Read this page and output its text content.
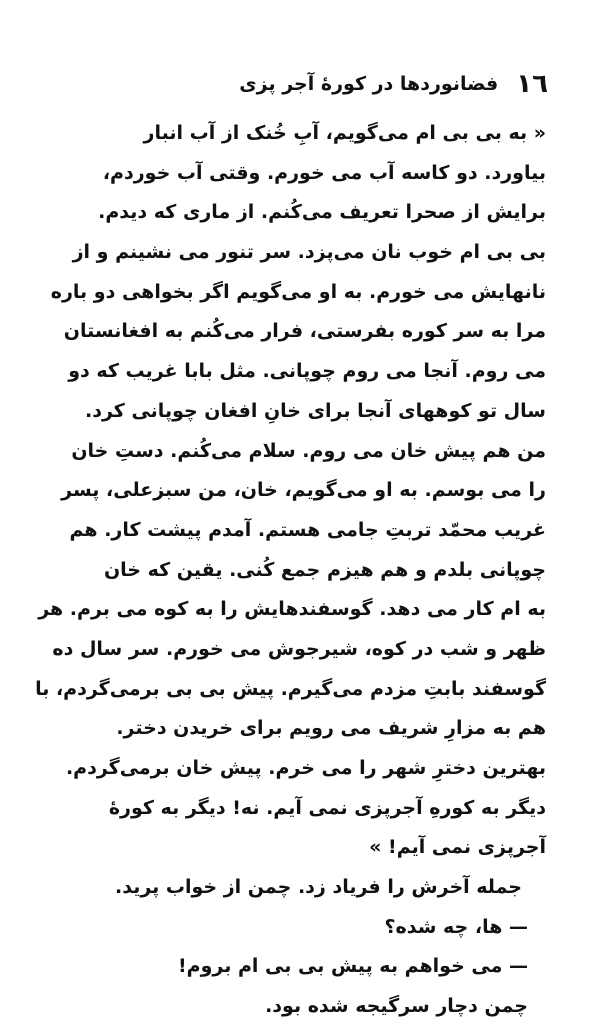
١٦
فضانوردها در کورهٔ آجر پزی
« به بی بی ام می‌گویم، آبِ خُنک از آب انبار
بیاورد. دو کاسه آب می خورم. وقتی آب خوردم،
برایش از صحرا تعریف می‌کُنم. از ماری که دیدم.
بی بی ام خوب نان می‌پزد. سر تنور می نشینم و از
نانهایش می خورم. به او می‌گویم اگر بخواهی دو باره
مرا به سر کوره بفرستی، فرار می‌کُنم به افغانستان
می روم. آنجا می روم چوپانی. مثل بابا غریب که دو
سال تو کوههای آنجا برای خانِ افغان چوپانی کرد.
من هم پیش خان می روم. سلام می‌کُنم. دستِ خان
را می بوسم. به او می‌گویم، خان، من سبزعلی، پسر
غریب محمّد تربتِ جامی هستم. آمدم پیشت کار. هم
چوپانی بلدم و هم هیزم جمع کُنی. یقین که خان
به ام کار می دهد. گوسفندهایش را به کوه می برم. هر
ظهر و شب در کوه، شیرجوش می خورم. سر سال ده
گوسفند بابتِ مزدم می‌گیرم. پیش بی بی برمی‌گردم، با
هم به مزارِ شریف می رویم برای خریدن دختر.
بهترین دخترِ شهر را می خرم. پیش خان برمی‌گردم.
دیگر به کورهِ آجرپزی نمی آیم. نه! دیگر به کورهٔ
آجرپزی نمی آیم! »
جمله آخرش را فریاد زد. چمن از خواب پرید.
— ها، چه شده؟
— می خواهم به پیش بی بی ام بروم!
چمن دچار سرگیجه شده بود.
